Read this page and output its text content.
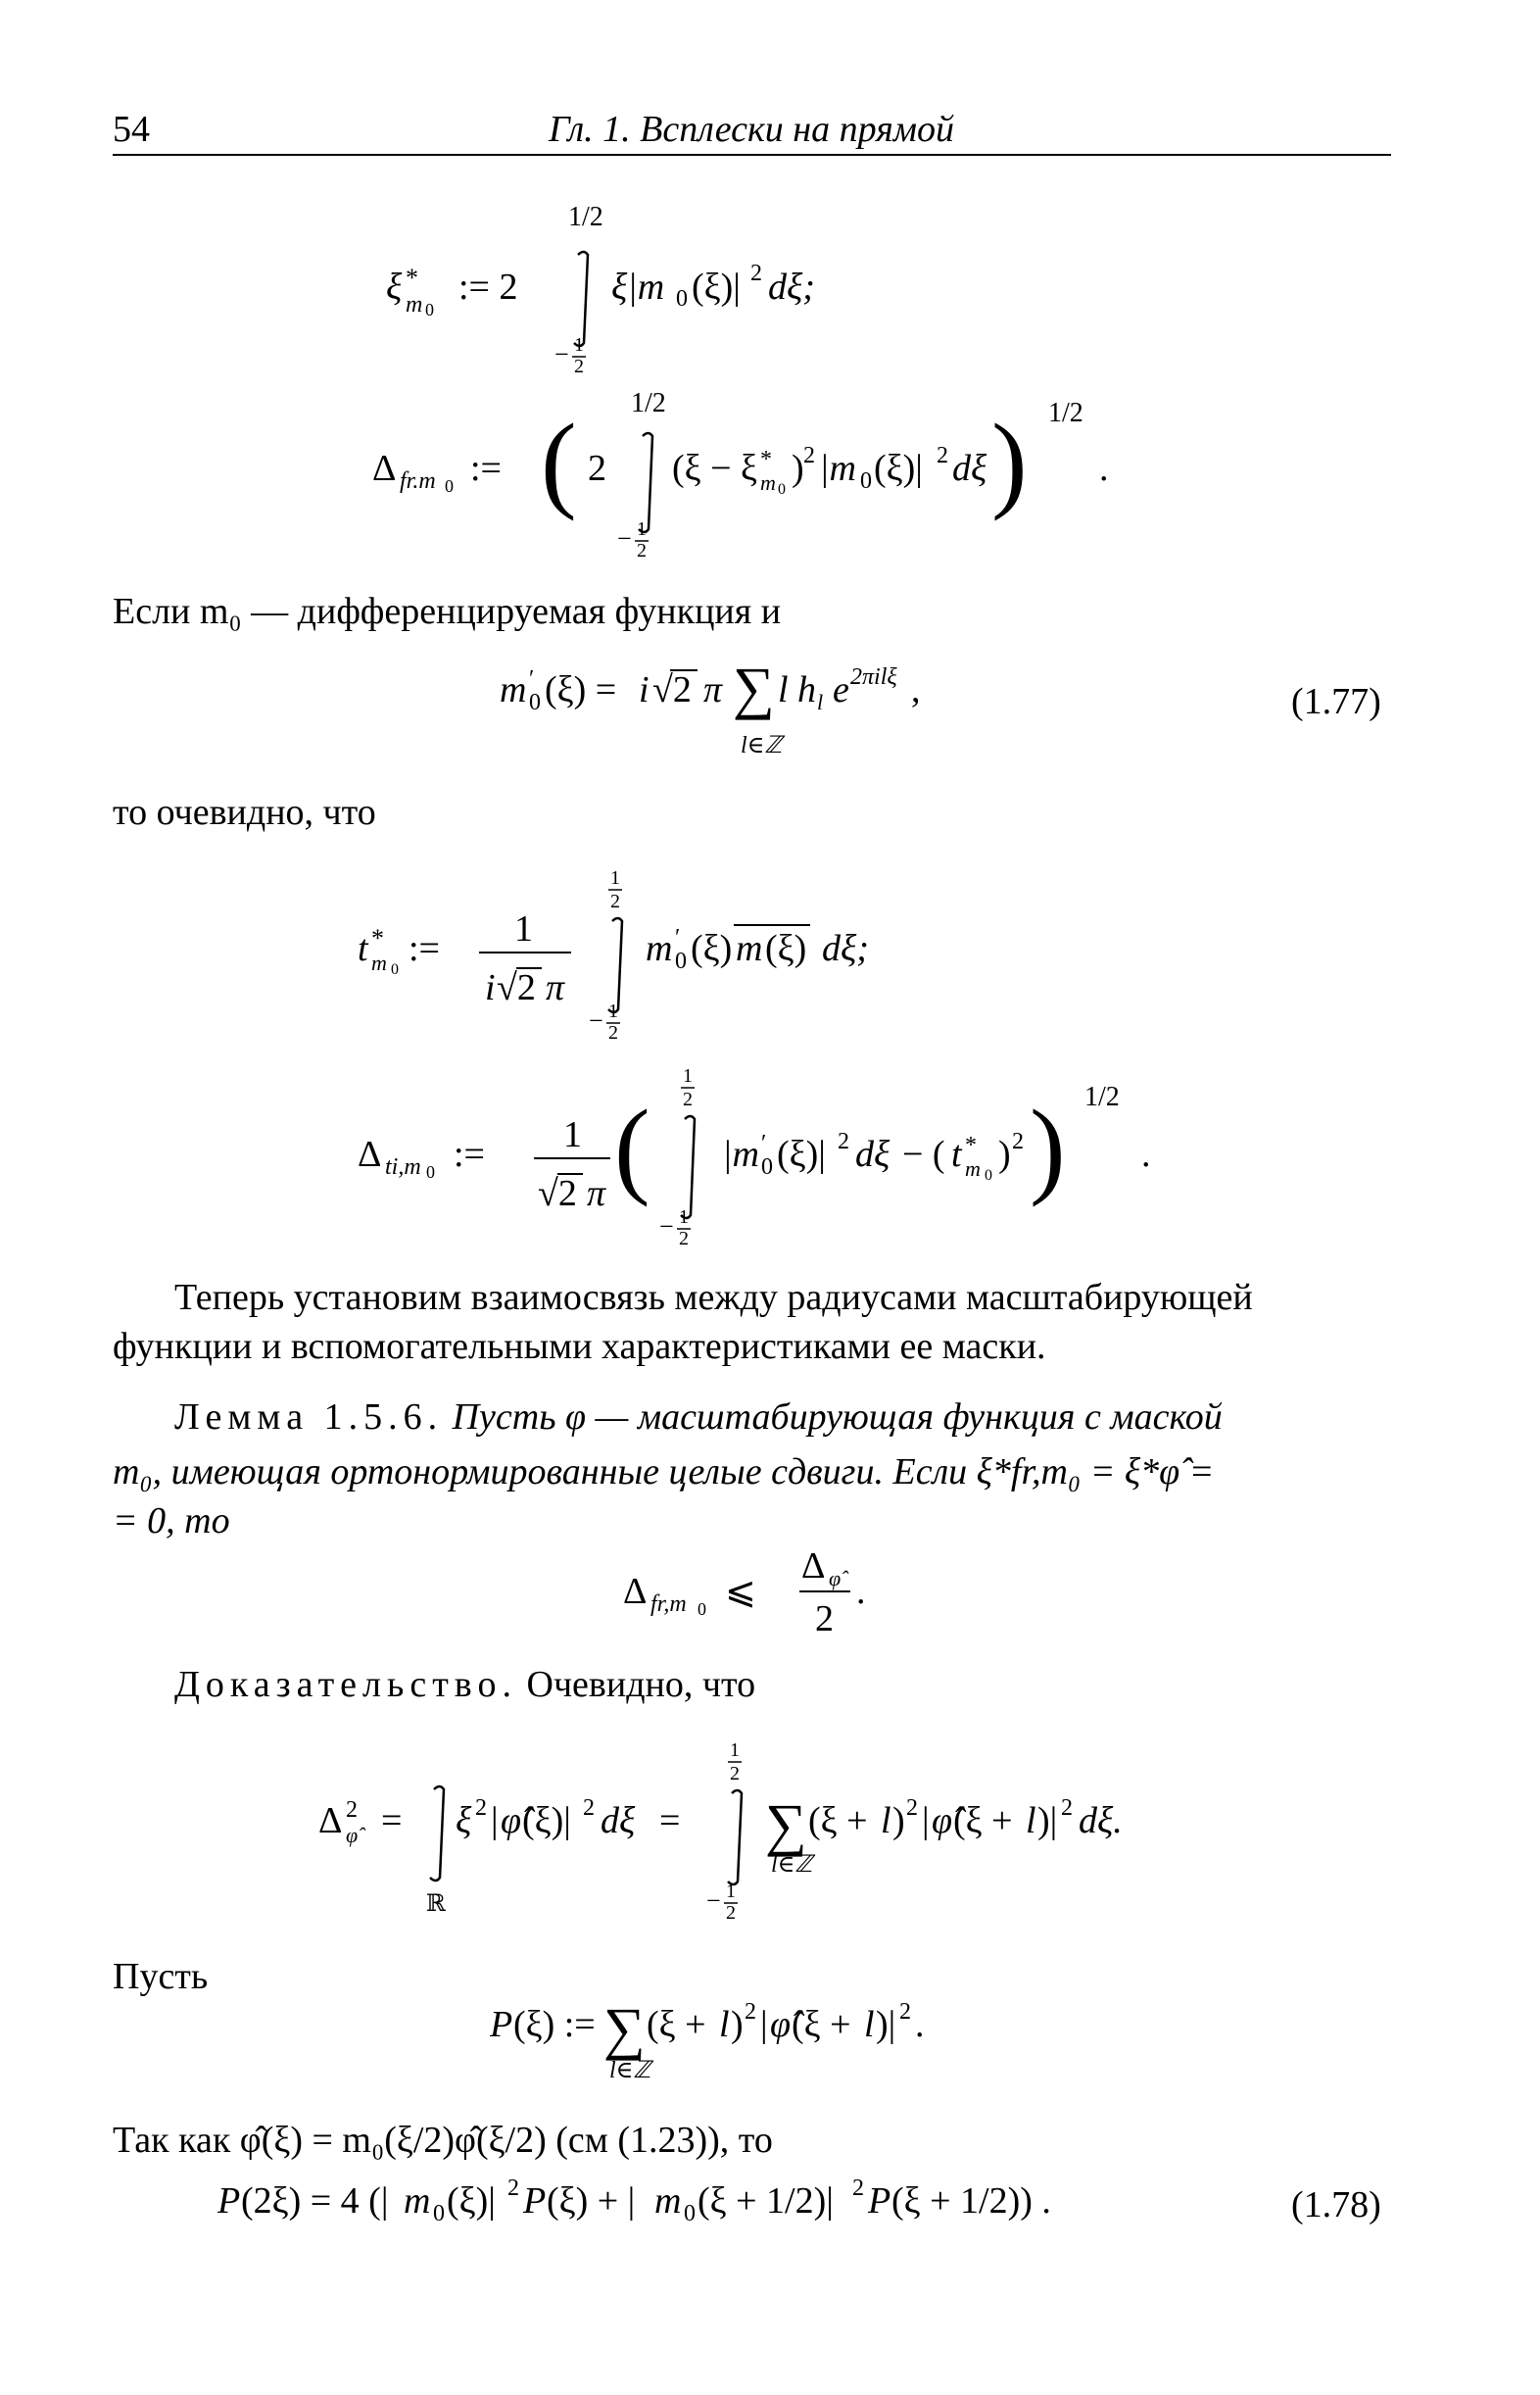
54	Гл. 1. Всплески на прямой
1/2
ξ *
m 0
:= 2	ξ|m 0 (ξ)| 2 dξ;
− 1
2
Δ fr.m 0 := ( 2
1/2
(ξ − ξ *
m 0
) 2 |m 0 (ξ)| 2 dξ ) 1/2
.
− 1
2
Если m₀ — дифференцируемая функция и
m ′
0 (ξ) = i √2 π ∑ l h l e 2πilξ ,
l∈ℤ
(1.77)
то очевидно, что
t *
m 0
:= 1
i √2 π
1
2
m ′
0 (ξ) m (ξ) dξ;
− 1
2
Δ ti,m 0 := 1
√2 π (
1
2
|m ′
0 (ξ)| 2 dξ − ( t *
m 0
) 2 ) 1/2
.
− 1
2
Теперь установим взаимосвязь между радиусами масштабирующей
функции и вспомогательными характеристиками ее маски.
Лемма 1.5.6. Пусть φ — масштабирующая функция с маской
m₀, имеющая ортонормированные целые сдвиги. Если ξ*fr,m₀ = ξ*φ̂ =
= 0, то
Δ fr,m 0 ⩽
Δ φ̂
2
.
Доказательство. Очевидно, что
Δ 2
φ̂ =
ℝ
ξ 2 | φ̂ (ξ)| 2 dξ =
1
2
∑ (ξ + l ) 2 | φ̂ (ξ + l )| 2 dξ.
l∈ℤ
− 1
2
Пусть
P (ξ) := ∑ (ξ + l ) 2 | φ̂ (ξ + l )| 2 .
l∈ℤ
Так как φ̂(ξ) = m₀(ξ/2)φ̂(ξ/2) (см (1.23)), то
P (2ξ) = 4 (| m 0 (ξ)| 2 P (ξ) + | m 0 (ξ + 1/2)| 2 P (ξ + 1/2)) .	(1.78)
